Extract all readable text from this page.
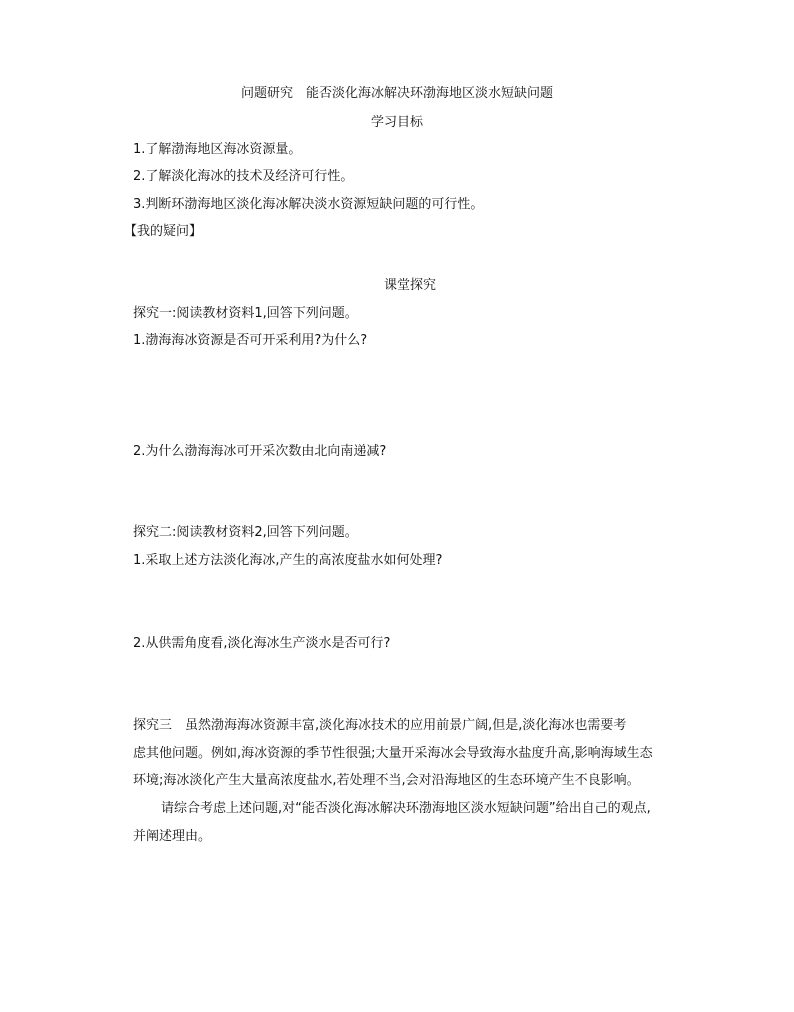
问题研究　能否淡化海冰解决环渤海地区淡水短缺问题
学习目标
1.了解渤海地区海冰资源量。
2.了解淡化海冰的技术及经济可行性。
3.判断环渤海地区淡化海冰解决淡水资源短缺问题的可行性。
【我的疑问】
课堂探究
探究一:阅读教材资料1,回答下列问题。
1.渤海海冰资源是否可开采利用?为什么?
2.为什么渤海海冰可开采次数由北向南递减?
探究二:阅读教材资料2,回答下列问题。
1.采取上述方法淡化海冰,产生的高浓度盐水如何处理?
2.从供需角度看,淡化海冰生产淡水是否可行?
探究三　虽然渤海海冰资源丰富,淡化海冰技术的应用前景广阔,但是,淡化海冰也需要考
虑其他问题。例如,海冰资源的季节性很强;大量开采海冰会导致海水盐度升高,影响海域生态
环境;海冰淡化产生大量高浓度盐水,若处理不当,会对沿海地区的生态环境产生不良影响。
请综合考虑上述问题,对“能否淡化海冰解决环渤海地区淡水短缺问题”给出自己的观点,
并阐述理由。
